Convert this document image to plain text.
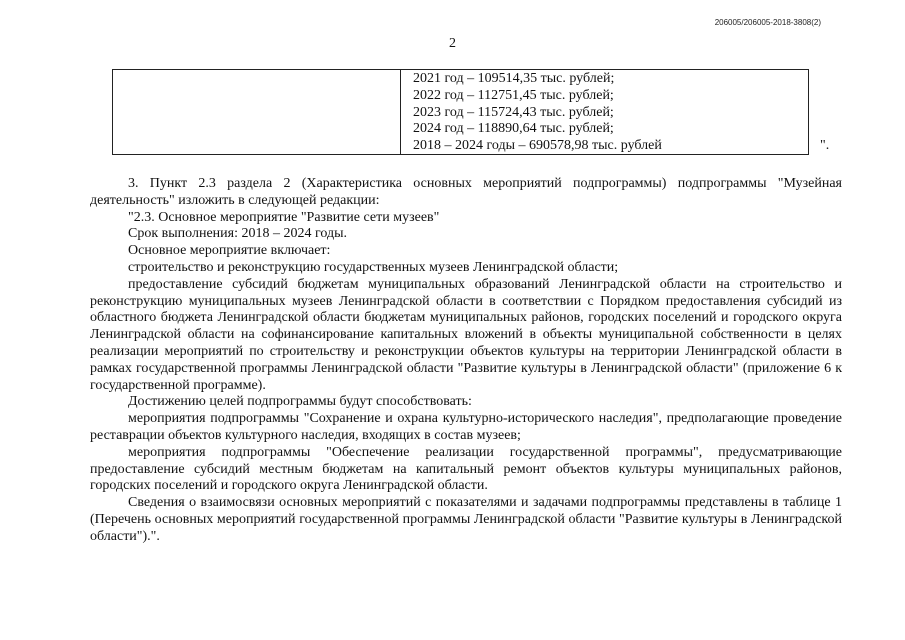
206005/206005-2018-3808(2)
2
2021 год – 109514,35 тыс. рублей;
2022 год – 112751,45 тыс. рублей;
2023 год – 115724,43 тыс. рублей;
2024 год – 118890,64 тыс. рублей;
2018 – 2024 годы – 690578,98 тыс. рублей	".

3. Пункт 2.3 раздела 2 (Характеристика основных мероприятий подпрограммы) подпрограммы "Музейная деятельность" изложить в следующей редакции:

"2.3. Основное мероприятие "Развитие сети музеев"

Срок выполнения: 2018 – 2024 годы.

Основное мероприятие включает:

строительство и реконструкцию государственных музеев Ленинградской области;

предоставление субсидий бюджетам муниципальных образований Ленинградской области на строительство и реконструкцию муниципальных музеев Ленинградской области в соответствии с Порядком предоставления субсидий из областного бюджета Ленинградской области бюджетам муниципальных районов, городских поселений и городского округа Ленинградской области на софинансирование капитальных вложений в объекты муниципальной собственности в целях реализации мероприятий по строительству и реконструкции объектов культуры на территории Ленинградской области в рамках государственной программы Ленинградской области "Развитие культуры в Ленинградской области" (приложение 6 к государственной программе).

Достижению целей подпрограммы будут способствовать:

мероприятия подпрограммы "Сохранение и охрана культурно-исторического наследия", предполагающие проведение реставрации объектов культурного наследия, входящих в состав музеев;

мероприятия подпрограммы "Обеспечение реализации государственной программы", предусматривающие предоставление субсидий местным бюджетам на капитальный ремонт объектов культуры муниципальных районов, городских поселений и городского округа Ленинградской области.

Сведения о взаимосвязи основных мероприятий с показателями и задачами подпрограммы представлены в таблице 1 (Перечень основных мероприятий государственной программы Ленинградской области "Развитие культуры в Ленинградской области").".
